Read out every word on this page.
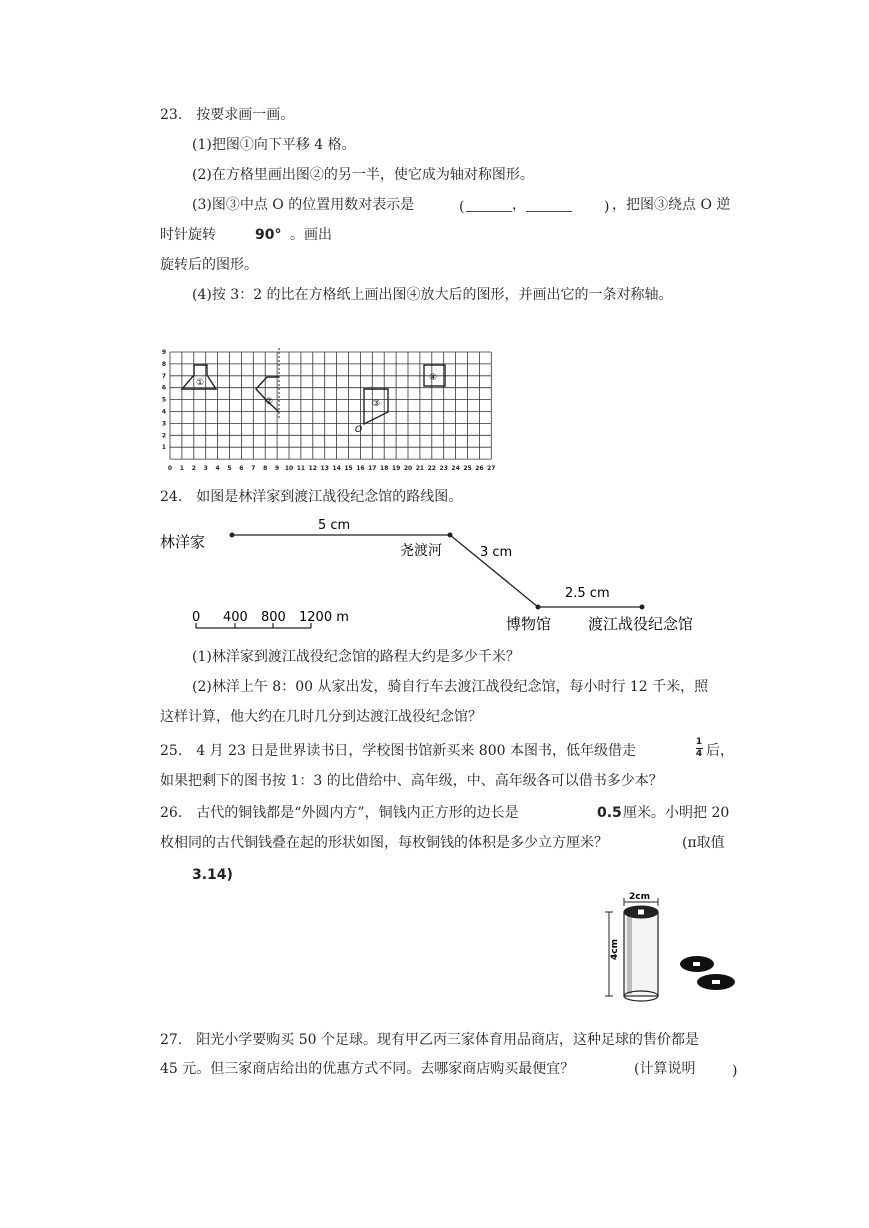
23.　按要求画一画。
(1)把图①向下平移 4 格。
(2)在方格里画出图②的另一半，使它成为轴对称图形。
(3)图③中点 O 的位置用数对表示是	(	，	) ，把图③绕点 O 逆
时针旋转	90° 。画出
旋转后的图形。
(4)按 3：2 的比在方格纸上画出图④放大后的图形，并画出它的一条对称轴。
0 1 2 3 4 5 6 7 8 9 10 11 12 13 14 15 16 17 18 19 20 21 22 23 24 25 26 27
1
2
3
4
5
6
7
8
9
①
②	③
O
④
24.　如图是林洋家到渡江战役纪念馆的路线图。
林洋家
5 cm
尧渡河	3 cm
2.5 cm
博物馆 渡江战役纪念馆
0 400 800 1200 m
(1)林洋家到渡江战役纪念馆的路程大约是多少千米？
(2)林洋上午 8：00 从家出发，骑自行车去渡江战役纪念馆，每小时行 12 千米，照
这样计算，他大约在几时几分到达渡江战役纪念馆？
25.　4 月 23 日是世界读书日，学校图书馆新买来 800 本图书，低年级借走
1
4 后，
如果把剩下的图书按 1：3 的比借给中、高年级，中、高年级各可以借书多少本？
26.　古代的铜钱都是“外圆内方”，铜钱内正方形的边长是	0.5 厘米。小明把 20
枚相同的古代铜钱叠在起的形状如图，每枚铜钱的体积是多少立方厘米？	(π取值
3.14)
2cm
4cm
27.　阳光小学要购买 50 个足球。现有甲乙丙三家体育用品商店，这种足球的售价都是
45 元。但三家商店给出的优惠方式不同。去哪家商店购买最便宜？	(计算说明	)
